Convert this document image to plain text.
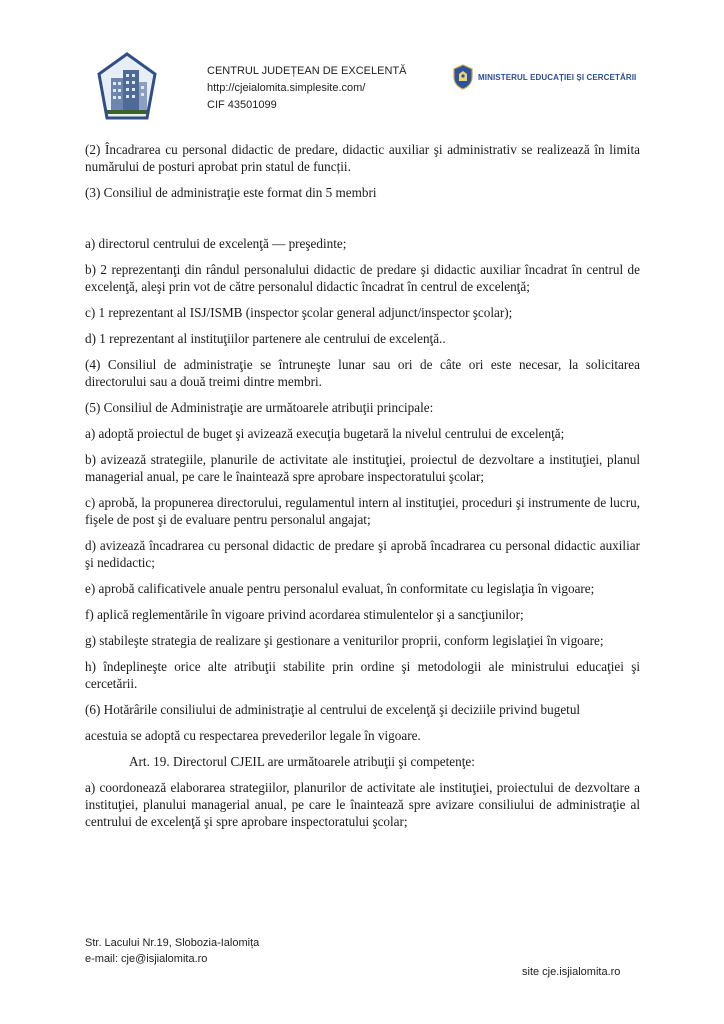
CENTRUL JUDEȚEAN DE EXCELENTĂ
http://cjeialomita.simplesite.com/
CIF 43501099
MINISTERUL EDUCAȚIEI ȘI CERCETĂRII

(2) Încadrarea cu personal didactic de predare, didactic auxiliar şi administrativ se realizează în limita numărului de posturi aprobat prin statul de funcții.

(3) Consiliul de administraţie este format din 5 membri

a) directorul centrului de excelenţă — preşedinte;

b) 2 reprezentanţi din rândul personalului didactic de predare şi didactic auxiliar încadrat în centrul de excelenţă, aleşi prin vot de către personalul didactic încadrat în centrul de excelenţă;

c) 1 reprezentant al ISJ/ISMB (inspector şcolar general adjunct/inspector şcolar);

d) 1 reprezentant al instituţiilor partenere ale centrului de excelenţă..

(4) Consiliul de administraţie se întruneşte lunar sau ori de câte ori este necesar, la solicitarea directorului sau a două treimi dintre membri.

(5) Consiliul de Administraţie are următoarele atribuţii principale:

a) adoptă proiectul de buget şi avizează execuţia bugetară la nivelul centrului de excelenţă;

b) avizează strategiile, planurile de activitate ale instituţiei, proiectul de dezvoltare a instituţiei, planul managerial anual, pe care le înaintează spre aprobare inspectoratului şcolar;

c) aprobă, la propunerea directorului, regulamentul intern al instituţiei, proceduri şi instrumente de lucru, fişele de post şi de evaluare pentru personalul angajat;

d) avizează încadrarea cu personal didactic de predare şi aprobă încadrarea cu personal didactic auxiliar şi nedidactic;

e) aprobă calificativele anuale pentru personalul evaluat, în conformitate cu legislaţia în vigoare;

f) aplică reglementările în vigoare privind acordarea stimulentelor şi a sancţiunilor;

g) stabileşte strategia de realizare şi gestionare a veniturilor proprii, conform legislaţiei în vigoare;

h) îndeplineşte orice alte atribuţii stabilite prin ordine şi metodologii ale ministrului educaţiei şi cercetării.

(6) Hotărârile consiliului de administraţie al centrului de excelenţă şi deciziile privind bugetul

acestuia se adoptă cu respectarea prevederilor legale în vigoare.

Art. 19. Directorul CJEIL are următoarele atribuţii şi competenţe:

a) coordonează elaborarea strategiilor, planurilor de activitate ale instituţiei, proiectului de dezvoltare a instituţiei, planului managerial anual, pe care le înaintează spre avizare consiliului de administraţie al centrului de excelenţă şi spre aprobare inspectoratului şcolar;

Str. Lacului Nr.19, Slobozia-Ialomița
e-mail: cje@isjialomita.ro
site cje.isjialomita.ro
